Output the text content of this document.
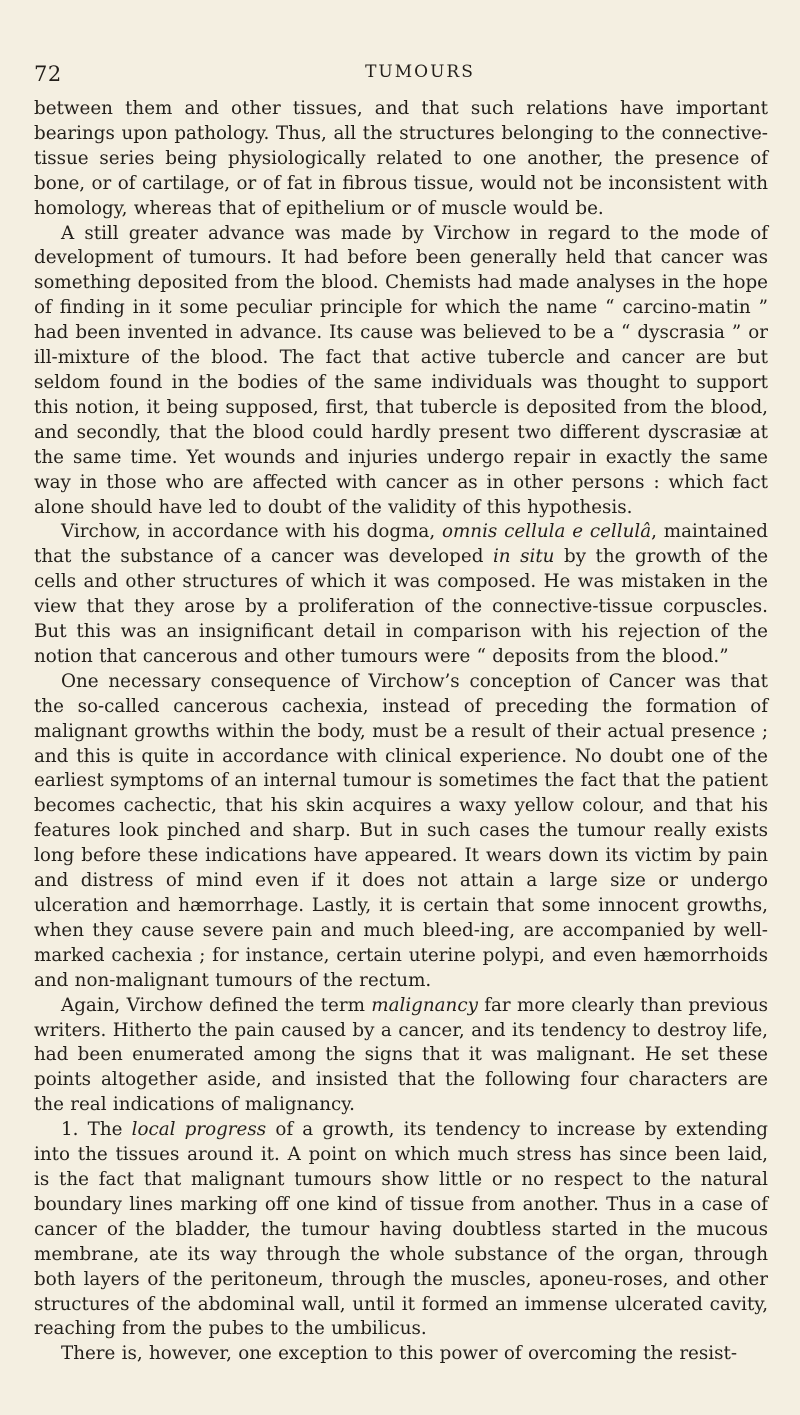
72	TUMOURS

between them and other tissues, and that such relations have important bearings upon pathology. Thus, all the structures belonging to the connective-tissue series being physiologically related to one another, the presence of bone, or of cartilage, or of fat in fibrous tissue, would not be inconsistent with homology, whereas that of epithelium or of muscle would be.

A still greater advance was made by Virchow in regard to the mode of development of tumours. It had before been generally held that cancer was something deposited from the blood. Chemists had made analyses in the hope of finding in it some peculiar principle for which the name “ carcino-matin ” had been invented in advance. Its cause was believed to be a “ dyscrasia ” or ill-mixture of the blood. The fact that active tubercle and cancer are but seldom found in the bodies of the same individuals was thought to support this notion, it being supposed, first, that tubercle is deposited from the blood, and secondly, that the blood could hardly present two different dyscrasiæ at the same time. Yet wounds and injuries undergo repair in exactly the same way in those who are affected with cancer as in other persons : which fact alone should have led to doubt of the validity of this hypothesis.

Virchow, in accordance with his dogma, omnis cellula e cellulâ, maintained that the substance of a cancer was developed in situ by the growth of the cells and other structures of which it was composed. He was mistaken in the view that they arose by a proliferation of the connective-tissue corpuscles. But this was an insignificant detail in comparison with his rejection of the notion that cancerous and other tumours were “ deposits from the blood.”

One necessary consequence of Virchow’s conception of Cancer was that the so-called cancerous cachexia, instead of preceding the formation of malignant growths within the body, must be a result of their actual presence ; and this is quite in accordance with clinical experience. No doubt one of the earliest symptoms of an internal tumour is sometimes the fact that the patient becomes cachectic, that his skin acquires a waxy yellow colour, and that his features look pinched and sharp. But in such cases the tumour really exists long before these indications have appeared. It wears down its victim by pain and distress of mind even if it does not attain a large size or undergo ulceration and hæmorrhage. Lastly, it is certain that some innocent growths, when they cause severe pain and much bleed-ing, are accompanied by well-marked cachexia ; for instance, certain uterine polypi, and even hæmorrhoids and non-malignant tumours of the rectum.

Again, Virchow defined the term malignancy far more clearly than previous writers. Hitherto the pain caused by a cancer, and its tendency to destroy life, had been enumerated among the signs that it was malignant. He set these points altogether aside, and insisted that the following four characters are the real indications of malignancy.

1. The local progress of a growth, its tendency to increase by extending into the tissues around it. A point on which much stress has since been laid, is the fact that malignant tumours show little or no respect to the natural boundary lines marking off one kind of tissue from another. Thus in a case of cancer of the bladder, the tumour having doubtless started in the mucous membrane, ate its way through the whole substance of the organ, through both layers of the peritoneum, through the muscles, aponeu-roses, and other structures of the abdominal wall, until it formed an immense ulcerated cavity, reaching from the pubes to the umbilicus.

There is, however, one exception to this power of overcoming the resist-
